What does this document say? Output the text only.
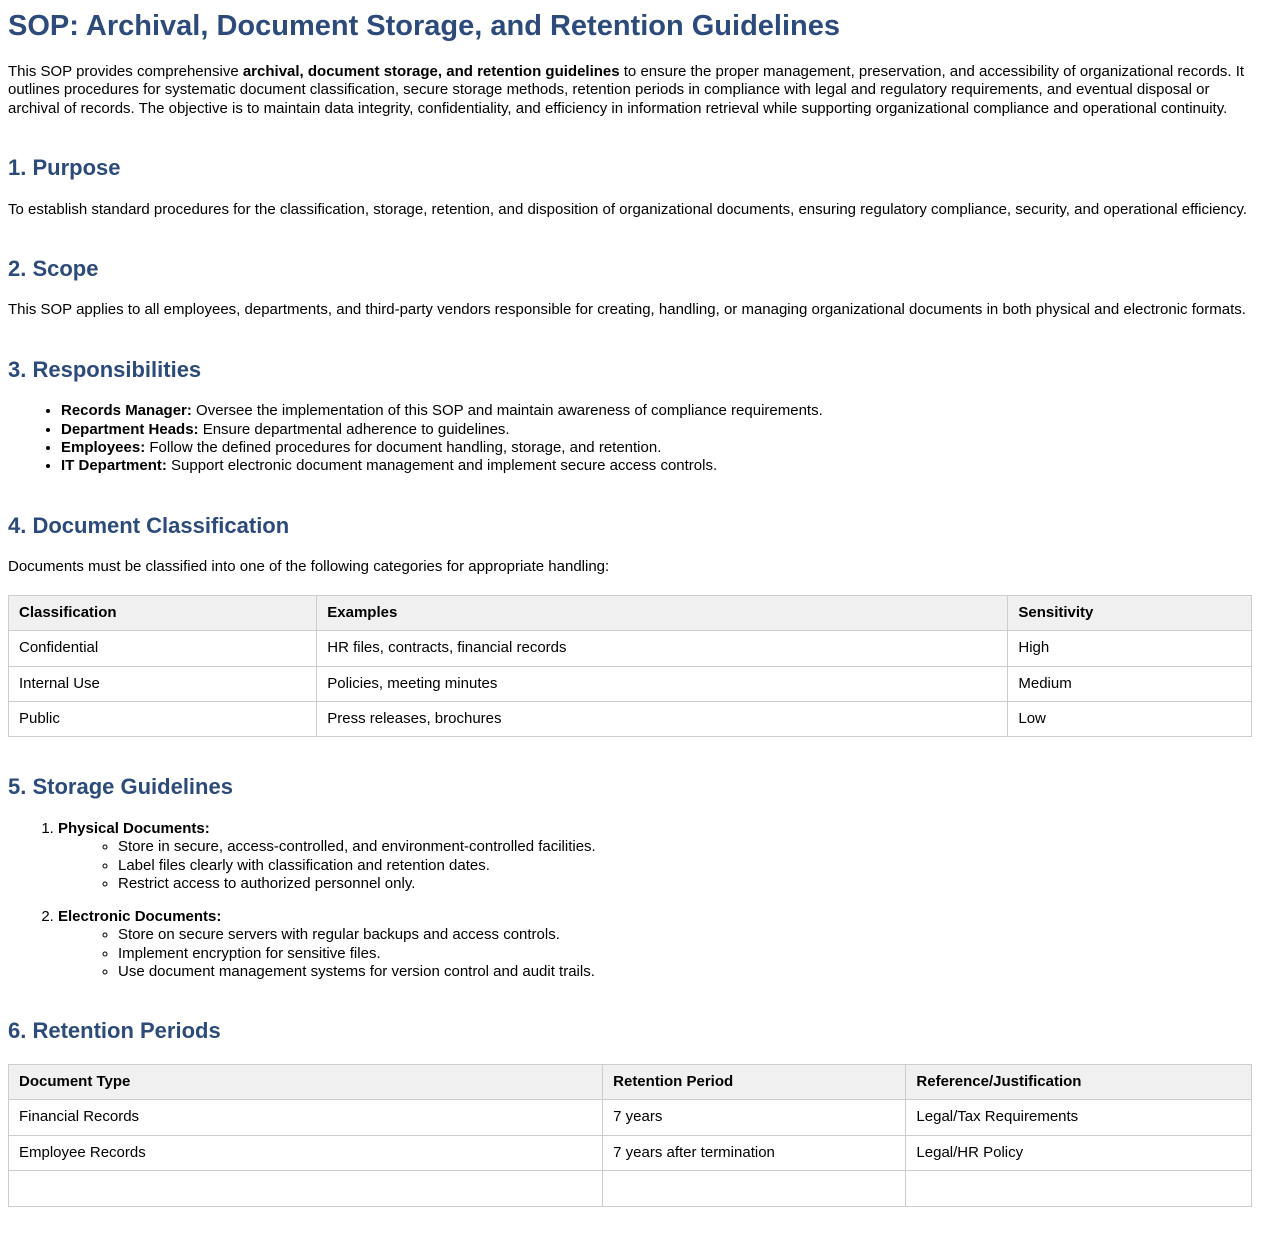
SOP: Archival, Document Storage, and Retention Guidelines

This SOP provides comprehensive archival, document storage, and retention guidelines to ensure the proper management, preservation, and accessibility of organizational records. It outlines procedures for systematic document classification, secure storage methods, retention periods in compliance with legal and regulatory requirements, and eventual disposal or archival of records. The objective is to maintain data integrity, confidentiality, and efficiency in information retrieval while supporting organizational compliance and operational continuity.

1. Purpose

To establish standard procedures for the classification, storage, retention, and disposition of organizational documents, ensuring regulatory compliance, security, and operational efficiency.

2. Scope

This SOP applies to all employees, departments, and third-party vendors responsible for creating, handling, or managing organizational documents in both physical and electronic formats.

3. Responsibilities
• Records Manager: Oversee the implementation of this SOP and maintain awareness of compliance requirements.
• Department Heads: Ensure departmental adherence to guidelines.
• Employees: Follow the defined procedures for document handling, storage, and retention.
• IT Department: Support electronic document management and implement secure access controls.
4. Document Classification

Documents must be classified into one of the following categories for appropriate handling:

Classification	Examples	Sensitivity
Confidential	HR files, contracts, financial records	High
Internal Use	Policies, meeting minutes	Medium
Public	Press releases, brochures	Low
5. Storage Guidelines
1. Physical Documents:
◦ Store in secure, access-controlled, and environment-controlled facilities.
◦ Label files clearly with classification and retention dates.
◦ Restrict access to authorized personnel only.
2. Electronic Documents:
◦ Store on secure servers with regular backups and access controls.
◦ Implement encryption for sensitive files.
◦ Use document management systems for version control and audit trails.
6. Retention Periods
Document Type	Retention Period	Reference/Justification
Financial Records	7 years	Legal/Tax Requirements
Employee Records	7 years after termination	Legal/HR Policy
